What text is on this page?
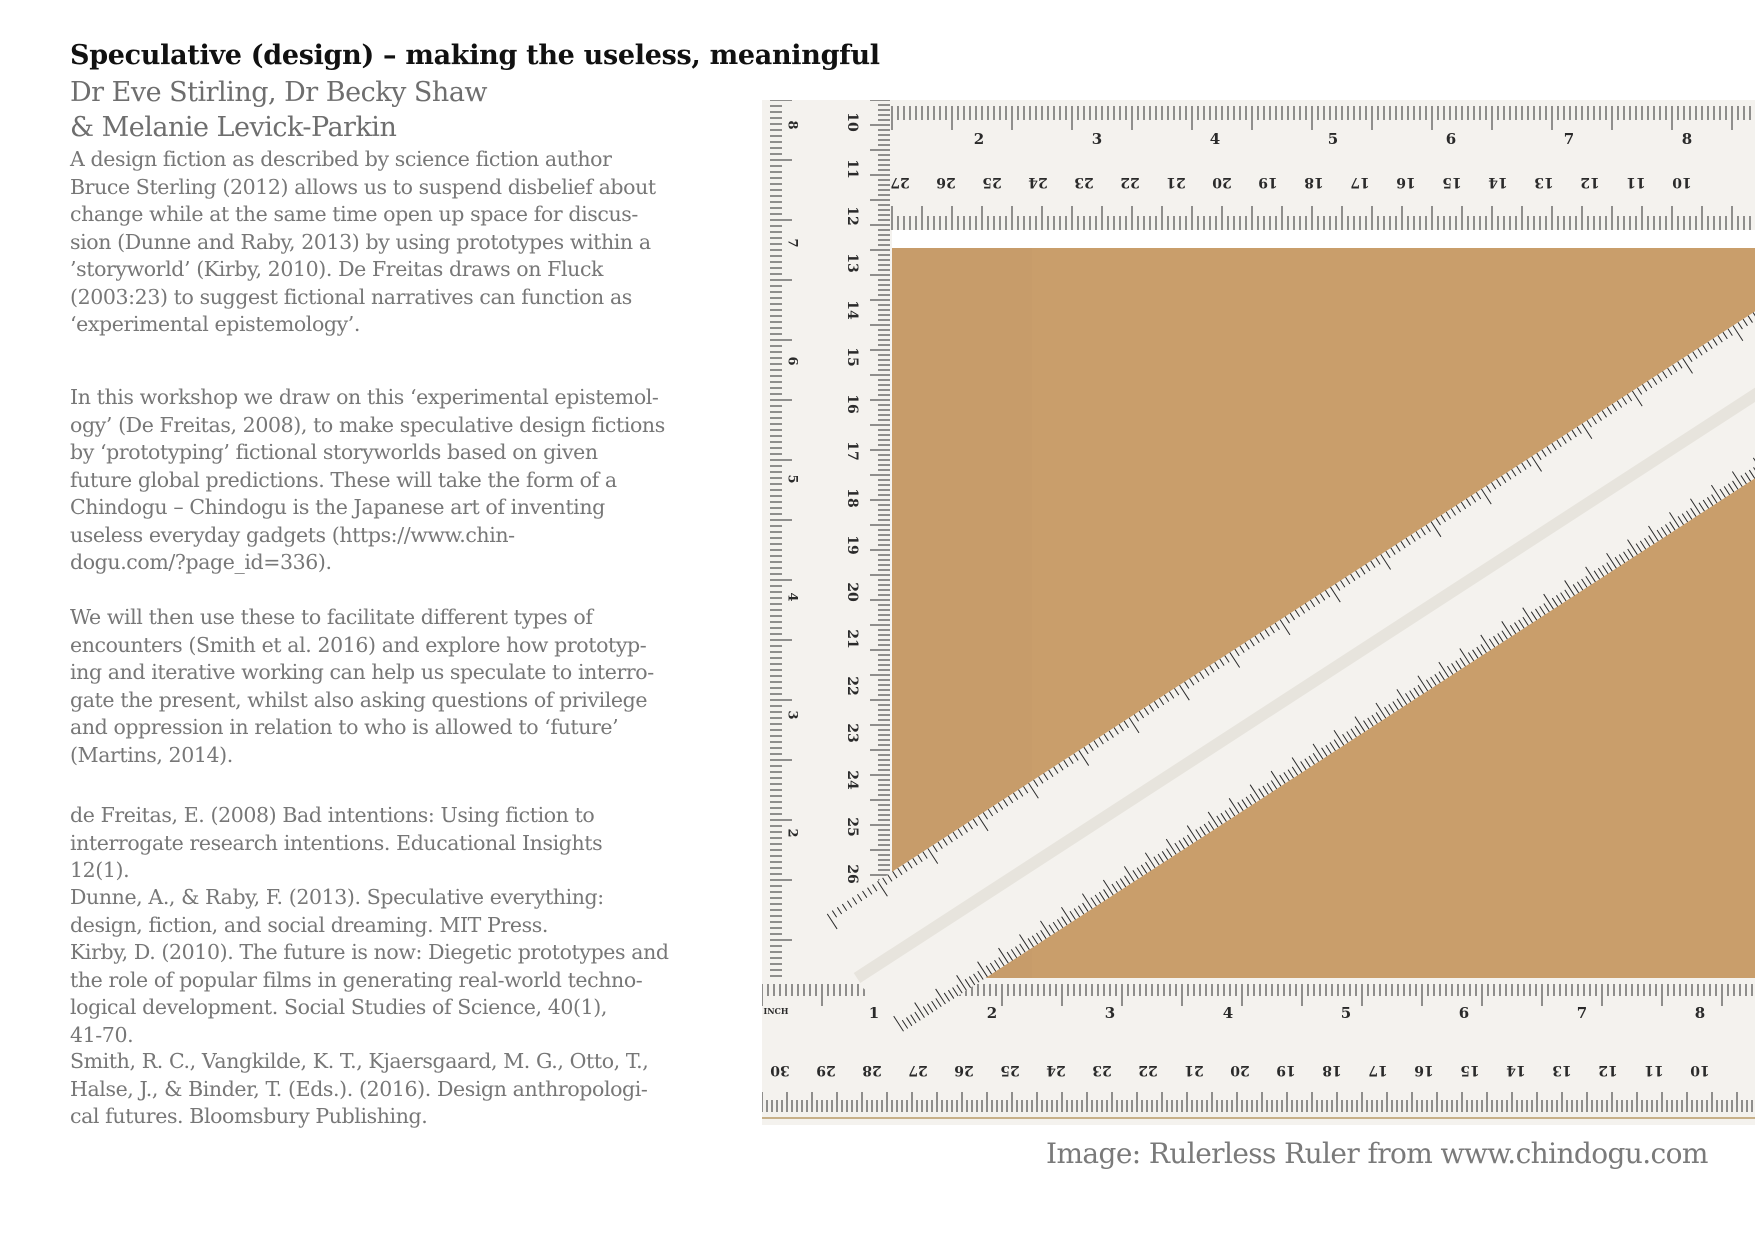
Speculative (design) – making the useless, meaningful
Dr Eve Stirling, Dr Becky Shaw
& Melanie Levick-Parkin

A design fiction as described by science fiction author
Bruce Sterling (2012) allows us to suspend disbelief about
change while at the same time open up space for discus-
sion (Dunne and Raby, 2013) by using prototypes within a
’storyworld’ (Kirby, 2010). De Freitas draws on Fluck
(2003:23) to suggest fictional narratives can function as
‘experimental epistemology’.

In this workshop we draw on this ‘experimental epistemol-
ogy’ (De Freitas, 2008), to make speculative design fictions
by ‘prototyping’ fictional storyworlds based on given
future global predictions. These will take the form of a
Chindogu – Chindogu is the Japanese art of inventing
useless everyday gadgets (https://www.chin-
dogu.com/?page_id=336).

We will then use these to facilitate different types of
encounters (Smith et al. 2016) and explore how prototyp-
ing and iterative working can help us speculate to interro-
gate the present, whilst also asking questions of privilege
and oppression in relation to who is allowed to ‘future’
(Martins, 2014).

de Freitas, E. (2008) Bad intentions: Using fiction to
interrogate research intentions. Educational Insights
12(1).

Dunne, A., & Raby, F. (2013). Speculative everything:
design, fiction, and social dreaming. MIT Press.

Kirby, D. (2010). The future is now: Diegetic prototypes and
the role of popular films in generating real-world techno-
logical development. Social Studies of Science, 40(1),
41-70.

Smith, R. C., Vangkilde, K. T., Kjaersgaard, M. G., Otto, T.,
Halse, J., & Binder, T. (Eds.). (2016). Design anthropologi-
cal futures. Bloomsbury Publishing.

2	3	4	5	6	7	8
27 26 25 24 23 22 21 20 19 18 17 16 15 14 13 12 11 10
10
11
12
13
14
15
16
17
18
19
20
21
22
23
24
25
26
8
7
6
5
4
3
2
INCH	1	2	3	4	5	6	7	8
30 29 28 27 26 25 24 23 22 21 20 19 18 17 16 15 14 13 12 11 10
Image: Rulerless Ruler from www.chindogu.com
